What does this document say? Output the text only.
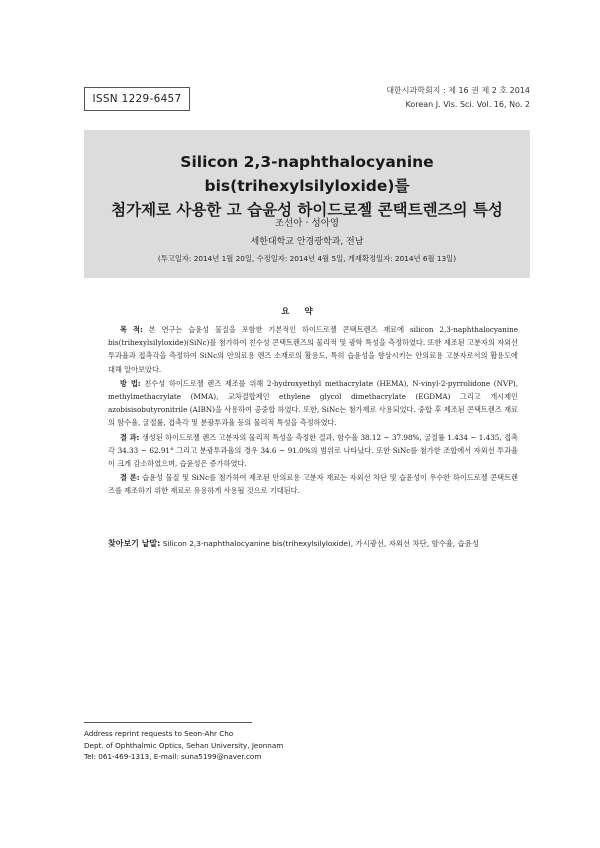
ISSN 1229-6457
대한시과학회지 : 제 16 권 제 2 호 2014
Korean J. Vis. Sci. Vol. 16, No. 2
Silicon 2,3-naphthalocyanine bis(trihexylsilyloxide)를
첨가제로 사용한 고 습윤성 하이드로젤 콘택트렌즈의 특성
조선아 · 성아영
세한대학교 안경광학과, 전남
(투고일자: 2014년 1월 20일, 수정일자: 2014년 4월 5일, 게재확정일자: 2014년 6월 13일)
요 약

목 적: 본 연구는 습윤성 물질을 포함한 기본적인 하이드로젤 콘택트렌즈 재료에 silicon 2,3-naphthalocyanine bis(trihexylsilyloxide)(SiNc)를 첨가하여 친수성 콘택트렌즈의 물리적 및 광학 특성을 측정하였다. 또한 제조된 고분자의 자외선 투과율과 접촉각을 측정하여 SiNc의 안의료용 렌즈 소재로의 활용도, 특히 습윤성을 향상시키는 안의료용 고분자로서의 활용도에 대해 알아보았다.

방 법: 친수성 하이드로젤 렌즈 제조를 위해 2-hydroxyethyl methacrylate (HEMA), N-vinyl-2-pyrrolidone (NVP), methylmethacrylate (MMA), 교차결합제인 ethylene glycol dimethacrylate (EGDMA) 그리고 개시제인 azobisisobutyronitrile (AIBN)을 사용하여 공중합 하였다. 또한, SiNc는 첨가제로 사용되었다. 중합 후 제조된 콘택트렌즈 재료의 함수율, 굴절률, 접촉각 및 분광투과율 등의 물리적 특성을 측정하였다.

결 과: 생성된 하이드로젤 렌즈 고분자의 물리적 특성을 측정한 결과, 함수율 38.12 ~ 37.98%, 굴절률 1.434 ~ 1.435, 접촉각 34.33 ~ 62.91° 그리고 분광투과율의 경우 34.6 ~ 91.0%의 범위로 나타났다. 또한 SiNc를 첨가한 조합에서 자외선 투과율이 크게 감소하였으며, 습윤성은 증가하였다.

결 론: 습윤성 물질 및 SiNc를 첨가하여 제조된 안의료용 고분자 재료는 자외선 차단 및 습윤성이 우수한 하이드로젤 콘택트렌즈를 제조하기 위한 재료로 유용하게 사용될 것으로 기대된다.

찾아보기 낱말: Silicon 2,3-naphthalocyanine bis(trihexylsilyloxide), 가시광선, 자외선 차단, 함수율, 습윤성
Address reprint requests to Seon-Ahr Cho
Dept. of Ophthalmic Optics, Sehan University, Jeonnam
Tel: 061-469-1313, E-mail: suna5199@naver.com
